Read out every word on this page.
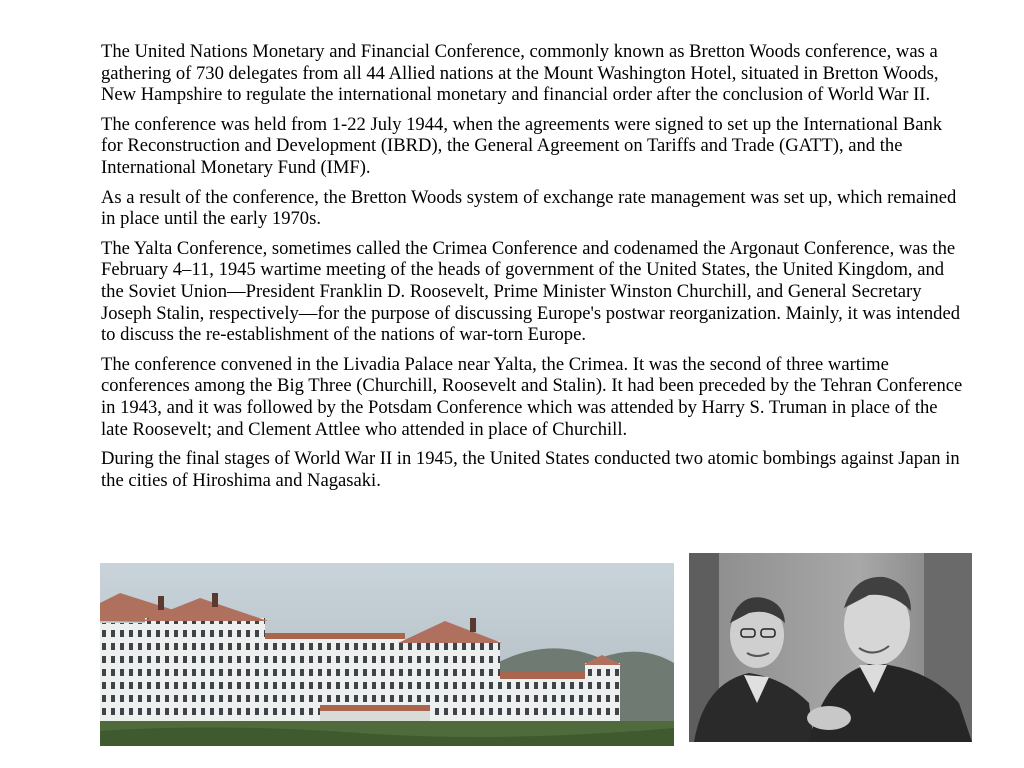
The United Nations Monetary and Financial Conference, commonly known as Bretton Woods conference, was a gathering of 730 delegates from all 44 Allied nations at the Mount Washington Hotel, situated in Bretton Woods, New Hampshire to regulate the international monetary and financial order after the conclusion of World War II.

The conference was held from 1-22 July 1944, when the agreements were signed to set up the International Bank for Reconstruction and Development (IBRD), the General Agreement on Tariffs and Trade (GATT), and the International Monetary Fund (IMF).

As a result of the conference, the Bretton Woods system of exchange rate management was set up, which remained in place until the early 1970s.

The Yalta Conference, sometimes called the Crimea Conference and codenamed the Argonaut Conference, was the February 4–11, 1945 wartime meeting of the heads of government of the United States, the United Kingdom, and the Soviet Union—President Franklin D. Roosevelt, Prime Minister Winston Churchill, and General Secretary Joseph Stalin, respectively—for the purpose of discussing Europe's postwar reorganization. Mainly, it was intended to discuss the re-establishment of the nations of war-torn Europe.

The conference convened in the Livadia Palace near Yalta, the Crimea. It was the second of three wartime conferences among the Big Three (Churchill, Roosevelt and Stalin). It had been preceded by the Tehran Conference in 1943, and it was followed by the Potsdam Conference which was attended by Harry S. Truman in place of the late Roosevelt; and Clement Attlee who attended in place of Churchill.

During the final stages of World War II in 1945, the United States conducted two atomic bombings against Japan in the cities of Hiroshima and Nagasaki.
